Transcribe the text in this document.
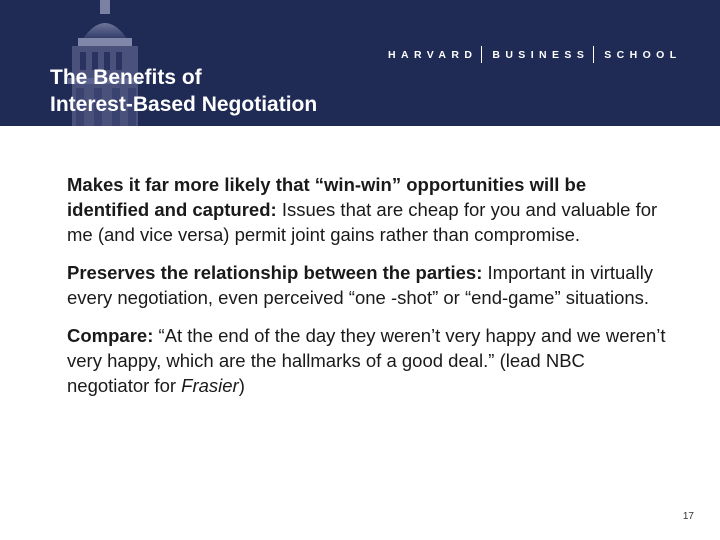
HARVARD BUSINESS SCHOOL
The Benefits of
Interest-Based Negotiation

Makes it far more likely that “win-win” opportunities will be identified and captured: Issues that are cheap for you and valuable for me (and vice versa) permit joint gains rather than compromise.

Preserves the relationship between the parties: Important in virtually every negotiation, even perceived “one -shot” or “end-game” situations.

Compare: “At the end of the day they weren’t very happy and we weren’t very happy, which are the hallmarks of a good deal.” (lead NBC negotiator for Frasier)

17
